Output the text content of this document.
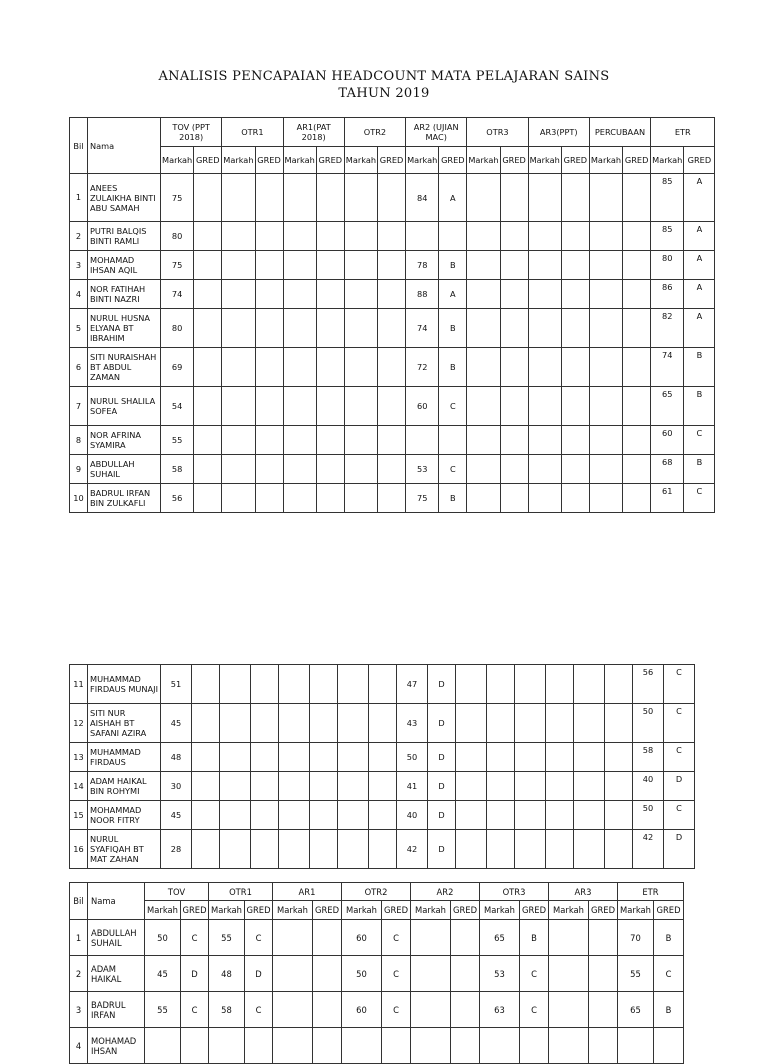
ANALISIS PENCAPAIAN HEADCOUNT MATA PELAJARAN SAINS
TAHUN 2019
Bil	Nama	TOV (PPT 2018)		OTR1		AR1(PAT 2018)		OTR2		AR2 (UJIAN MAC)		OTR3		AR3(PPT)		PERCUBAAN		ETR	
		Markah	GRED	Markah	GRED	Markah	GRED	Markah	GRED	Markah	GRED	Markah	GRED	Markah	GRED	Markah	GRED	Markah	GRED
1	ANEES ZULAIKHA BINTI ABU SAMAH	75								84	A							85	A
2	PUTRI BALQIS BINTI RAMLI	80																85	A
3	MOHAMAD IHSAN AQIL	75								78	B							80	A
4	NOR FATIHAH BINTI NAZRI	74								88	A							86	A
5	NURUL HUSNA ELYANA BT IBRAHIM	80								74	B							82	A
6	SITI NURAISHAH BT ABDUL ZAMAN	69								72	B							74	B
7	NURUL SHALILA SOFEA	54								60	C							65	B
8	NOR AFRINA SYAMIRA	55																60	C
9	ABDULLAH SUHAIL	58								53	C							68	B
10	BADRUL IRFAN BIN ZULKAFLI	56								75	B							61	C
11	MUHAMMAD FIRDAUS MUNAJI	51								47	D							56	C
12	SITI NUR AISHAH BT SAFANI AZIRA	45								43	D							50	C
13	MUHAMMAD FIRDAUS	48								50	D							58	C
14	ADAM HAIKAL BIN ROHYMI	30								41	D							40	D
15	MOHAMMAD NOOR FITRY	45								40	D							50	C
16	NURUL SYAFIQAH BT MAT ZAHAN	28								42	D							42	D
Bil	Nama	TOV		OTR1		AR1		OTR2		AR2		OTR3		AR3		ETR	
		Markah	GRED	Markah	GRED	Markah	GRED	Markah	GRED	Markah	GRED	Markah	GRED	Markah	GRED	Markah	GRED
1	ABDULLAH SUHAIL	50	C	55	C			60	C			65	B			70	B
2	ADAM HAIKAL	45	D	48	D			50	C			53	C			55	C
3	BADRUL IRFAN	55	C	58	C			60	C			63	C			65	B
4	MOHAMAD IHSAN																
